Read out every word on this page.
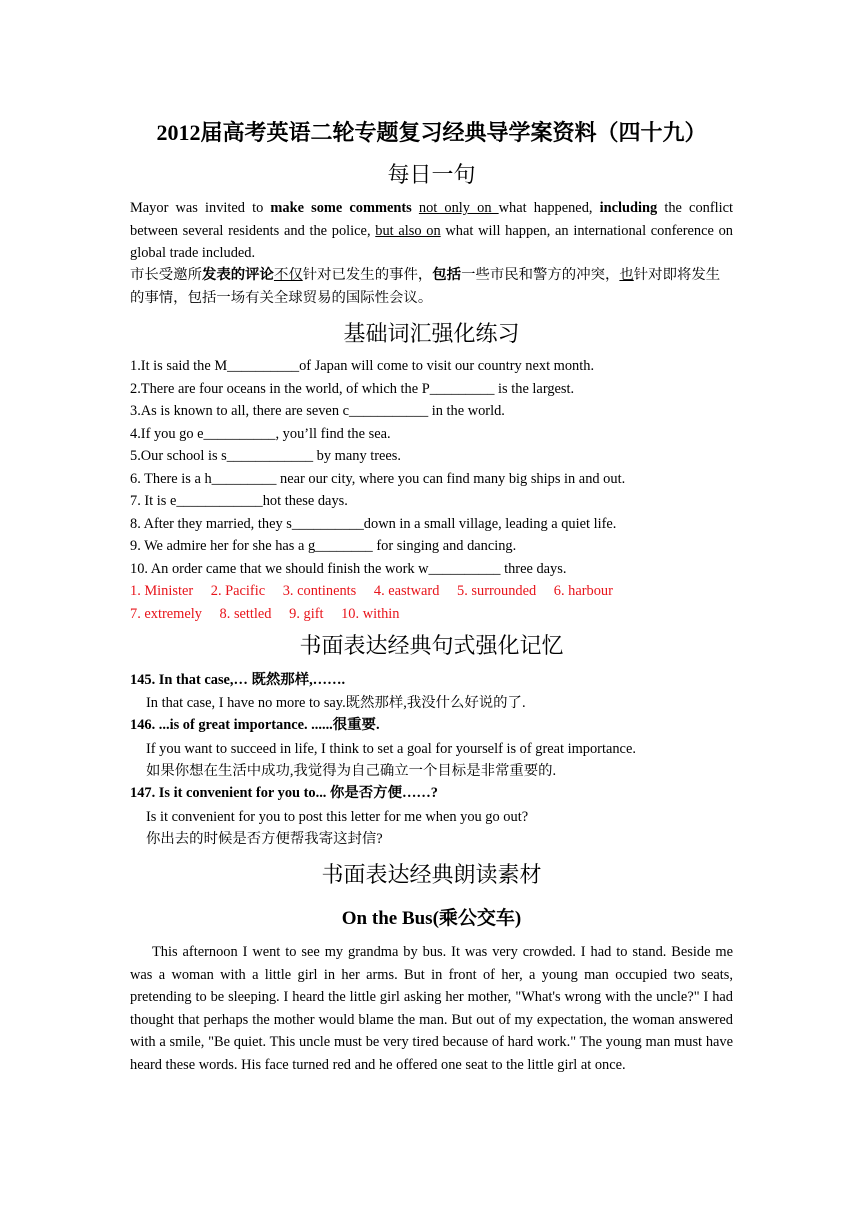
2012届高考英语二轮专题复习经典导学案资料（四十九）
每日一句
Mayor was invited to make some comments not only on what happened, including the conflict between several residents and the police, but also on what will happen, an international conference on global trade included.
市长受邀所发表的评论不仅针对已发生的事件，包括一些市民和警方的冲突，也针对即将发生的事情，包括一场有关全球贸易的国际性会议。
基础词汇强化练习
1.It is said the M__________of Japan will come to visit our country next month.
2.There are four oceans in the world, of which the P_________ is the largest.
3.As is known to all, there are seven c___________ in the world.
4.If you go e__________, you’ll find the sea.
5.Our school is s____________ by many trees.
6. There is a h_________ near our city, where you can find many big ships in and out.
7. It is e____________hot these days.
8. After they married, they s__________down in a small village, leading a quiet life.
9. We admire her for she has a g________ for singing and dancing.
10. An order came that we should finish the work w__________ three days.
1. Minister 2. Pacific 3. continents 4. eastward 5. surrounded 6. harbour
7. extremely 8. settled 9. gift 10. within
书面表达经典句式强化记忆
145. In that case,… 既然那样,…….
In that case, I have no more to say.既然那样,我没什么好说的了.
146. ...is of great importance. ......很重要.
If you want to succeed in life, I think to set a goal for yourself is of great importance.
如果你想在生活中成功,我觉得为自己确立一个目标是非常重要的.
147. Is it convenient for you to... 你是否方便……?
Is it convenient for you to post this letter for me when you go out?
你出去的时候是否方便帮我寄这封信?
书面表达经典朗读素材
On the Bus(乘公交车)
This afternoon I went to see my grandma by bus. It was very crowded. I had to stand. Beside me was a woman with a little girl in her arms. But in front of her, a young man occupied two seats, pretending to be sleeping. I heard the little girl asking her mother, "What's wrong with the uncle?" I had thought that perhaps the mother would blame the man. But out of my expectation, the woman answered with a smile, "Be quiet. This uncle must be very tired because of hard work." The young man must have heard these words. His face turned red and he offered one seat to the little girl at once.
